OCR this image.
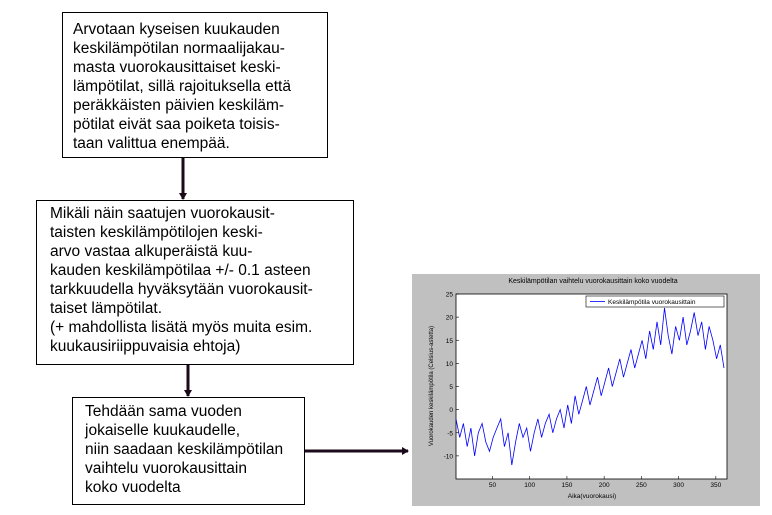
Arvotaan kyseisen kuukauden
keskilämpötilan normaalijakau-
masta vuorokausittaiset keski-
lämpötilat, sillä rajoituksella että
peräkkäisten päivien keskiläm-
pötilat eivät saa poiketa toisis-
taan valittua enempää.
Mikäli näin saatujen vuorokausit-
taisten keskilämpötilojen keski-
arvo vastaa alkuperäistä kuu-
kauden keskilämpötilaa +/- 0.1 asteen
tarkkuudella hyväksytään vuorokausit-
taiset lämpötilat.
(+ mahdollista lisätä myös muita esim.
kuukausiriippuvaisia ehtoja)
Tehdään sama vuoden
jokaiselle kuukaudelle,
niin saadaan keskilämpötilan
vaihtelu vuorokausittain
koko vuodelta
Keskilämpötilan vaihtelu vuorokausittain koko vuodelta
50	100	150	200	250	300	350
-10
-5
0
5
10
15
20
25
Keskilämpötila vuorokausittain
Aika(vuorokausi)
Vuorokauden keskilämpötila (Celsius-astetta)
